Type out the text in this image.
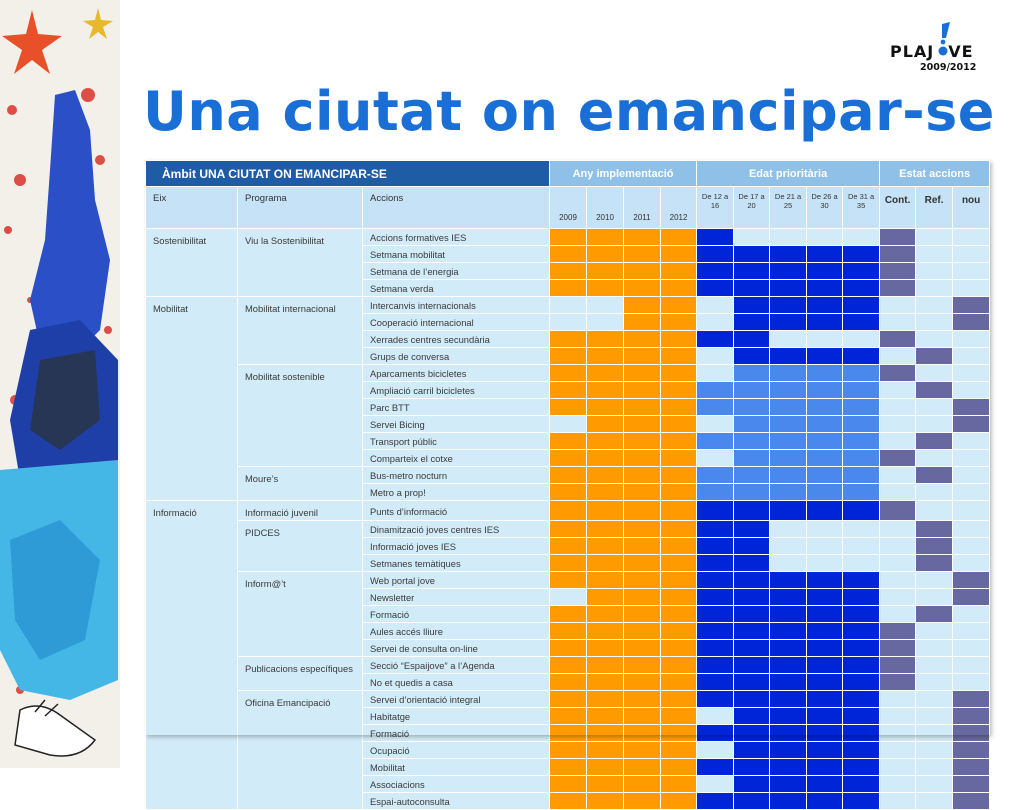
PLAJ VE
2009/2012
Una ciutat on emancipar-se
Àmbit UNA CIUTAT ON EMANCIPAR-SE			Any implementació				Edat prioritària					Estat accions		
Eix	Programa	Accions	2009	2010	2011	2012	De 12 a 16	De 17 a 20	De 21 a 25	De 26 a 30	De 31 a 35	Cont.	Ref.	nou
Sostenibilitat	Viu la Sostenibilitat	Accions formatives IES												
		Setmana mobilitat												
		Setmana de l’energia												
		Setmana verda												
Mobilitat	Mobilitat internacional	Intercanvis internacionals												
		Cooperació internacional												
		Xerrades centres secundària												
		Grups de conversa												
	Mobilitat sostenible	Aparcaments bicicletes												
		Ampliació carril bicicletes												
		Parc BTT												
		Servei Bicing												
		Transport públic												
		Comparteix el cotxe												
	Moure’s	Bus-metro nocturn												
		Metro a prop!												
Informació	Informació juvenil	Punts d’informació												
	PIDCES	Dinamització joves centres IES												
		Informació joves IES												
		Setmanes temàtiques												
	Inform@’t	Web portal jove												
		Newsletter												
		Formació												
		Aules accés lliure												
		Servei de consulta on-line												
	Publicacions específiques	Secció “Espaijove” a l’Agenda												
		No et quedis a casa												
	Oficina Emancipació	Servei d’orientació integral												
		Habitatge												
		Formació												
		Ocupació												
		Mobilitat												
		Associacions												
		Espai-autoconsulta												
